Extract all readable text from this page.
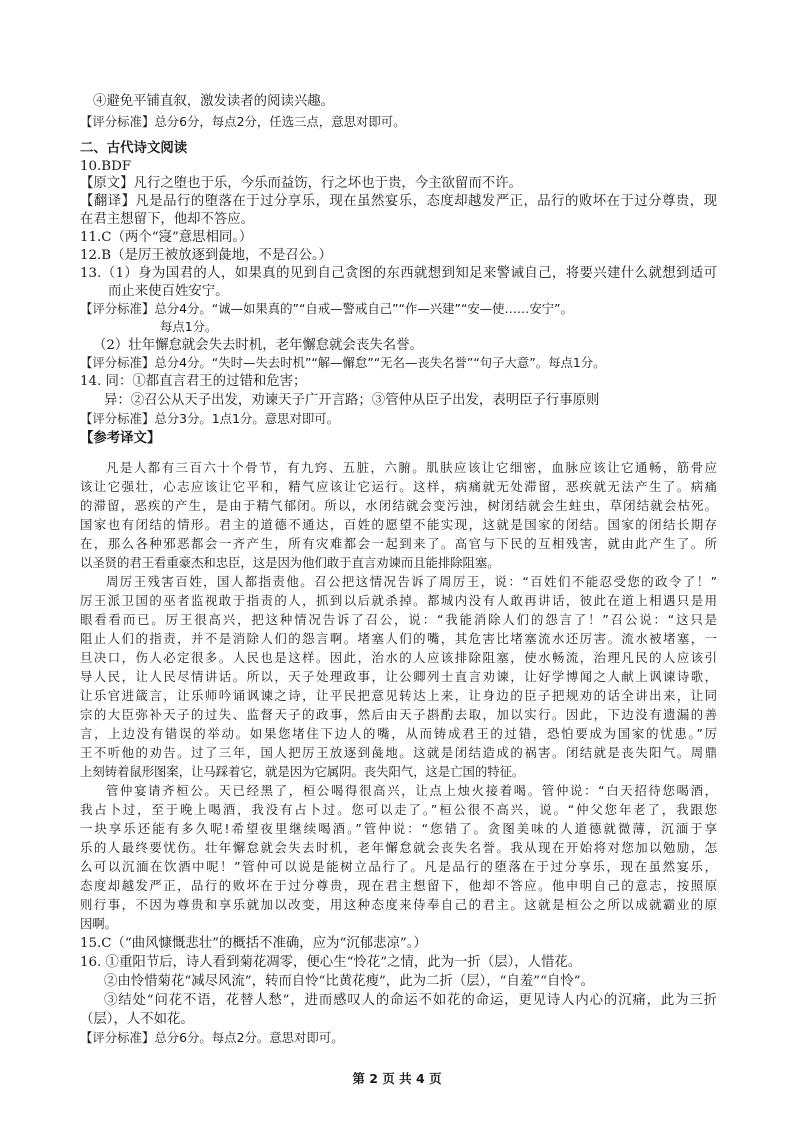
④避免平铺直叙，激发读者的阅读兴趣。
【评分标准】总分6分，每点2分，任选三点，意思对即可。
二、古代诗文阅读
10.BDF
【原文】凡行之堕也于乐，今乐而益饬，行之坏也于贵，今主欲留而不许。
【翻译】凡是品行的堕落在于过分享乐，现在虽然宴乐，态度却越发严正，品行的败坏在于过分尊贵，现
在君主想留下，他却不答应。
11.C（两个“寖”意思相同。）
12.B（是厉王被放逐到彘地，不是召公。）
13.（1）身为国君的人，如果真的见到自己贪图的东西就想到知足来警诫自己，将要兴建什么就想到适可
而止来使百姓安宁。
【评分标准】总分4分。“诚—如果真的”“自戒—警戒自己”“作—兴建”“安—使……安宁”。
每点1分。
（2）壮年懈怠就会失去时机，老年懈怠就会丧失名誉。
【评分标准】总分4分。“失时—失去时机”“解—懈怠”“无名—丧失名誉”“句子大意”。每点1分。
14. 同：①都直言君王的过错和危害；
异：②召公从天子出发，劝谏天子广开言路；③管仲从臣子出发，表明臣子行事原则
【评分标准】总分3分。1点1分。意思对即可。
【参考译文】
凡是人都有三百六十个骨节，有九窍、五脏，六腑。肌肤应该让它细密，血脉应该让它通畅，筋骨应
该让它强壮，心志应该让它平和，精气应该让它运行。这样，病痛就无处滞留，恶疾就无法产生了。病痛
的滞留，恶疾的产生，是由于精气郁闭。所以，水闭结就会变污浊，树闭结就会生蛀虫，草闭结就会枯死。
国家也有闭结的情形。君主的道德不通达，百姓的愿望不能实现，这就是国家的闭结。国家的闭结长期存
在，那么各种邪恶都会一齐产生，所有灾难都会一起到来了。高官与下民的互相残害，就由此产生了。所
以圣贤的君王看重豪杰和忠臣，这是因为他们敢于直言劝谏而且能排除阻塞。
周厉王残害百姓，国人都指责他。召公把这情况告诉了周厉王，说：“百姓们不能忍受您的政令了！”
厉王派卫国的巫者监视敢于指责的人，抓到以后就杀掉。都城内没有人敢再讲话，彼此在道上相遇只是用
眼看看而已。厉王很高兴，把这种情况告诉了召公，说：“我能消除人们的怨言了！”召公说：“这只是
阻止人们的指责，并不是消除人们的怨言啊。堵塞人们的嘴，其危害比堵塞流水还厉害。流水被堵塞，一
旦决口，伤人必定很多。人民也是这样。因此，治水的人应该排除阻塞，使水畅流，治理凡民的人应该引
导人民，让人民尽情讲话。所以，天子处理政事，让公卿列士直言劝谏，让好学博闻之人献上讽谏诗歌，
让乐官进箴言，让乐师吟诵讽谏之诗，让平民把意见转达上来，让身边的臣子把规劝的话全讲出来，让同
宗的大臣弥补天子的过失、监督天子的政事，然后由天子斟酌去取，加以实行。因此，下边没有遗漏的善
言，上边没有错误的举动。如果您堵住下边人的嘴，从而铸成君王的过错，恐怕要成为国家的忧患。”厉
王不听他的劝告。过了三年，国人把厉王放逐到彘地。这就是闭结造成的祸害。闭结就是丧失阳气。周鼎
上刻铸着鼠形图案，让马踩着它，就是因为它属阴。丧失阳气，这是亡国的特征。
管仲宴请齐桓公。天已经黑了，桓公喝得很高兴，让点上烛火接着喝。管仲说：“白天招待您喝酒，
我占卜过，至于晚上喝酒，我没有占卜过。您可以走了。”桓公很不高兴，说。“仲父您年老了，我跟您
一块享乐还能有多久呢!希望夜里继续喝酒。”管仲说：“您错了。贪图美味的人道德就微薄，沉湎于享
乐的人最终要忧伤。壮年懈怠就会失去时机，老年懈怠就会丧失名誉。我从现在开始将对您加以勉励，怎
么可以沉湎在饮酒中呢！”管仲可以说是能树立品行了。凡是品行的堕落在于过分享乐，现在虽然宴乐，
态度却越发严正，品行的败坏在于过分尊贵，现在君主想留下，他却不答应。他申明自己的意志，按照原
则行事，不因为尊贵和享乐就加以改变，用这种态度来侍奉自己的君主。这就是桓公之所以成就霸业的原
因啊。
15.C（“曲风慷慨悲壮”的概括不准确，应为“沉郁悲凉”。）
16. ①重阳节后，诗人看到菊花凋零，便心生“怜花”之情，此为一折（层），人惜花。
②由怜惜菊花“减尽风流”，转而自怜“比黄花瘦”，此为二折（层），“自羞”“自怜”。
③结处“问花不语，花替人愁”，进而感叹人的命运不如花的命运，更见诗人内心的沉痛，此为三折
（层），人不如花。
【评分标准】总分6分。每点2分。意思对即可。
第 2 页 共 4 页
